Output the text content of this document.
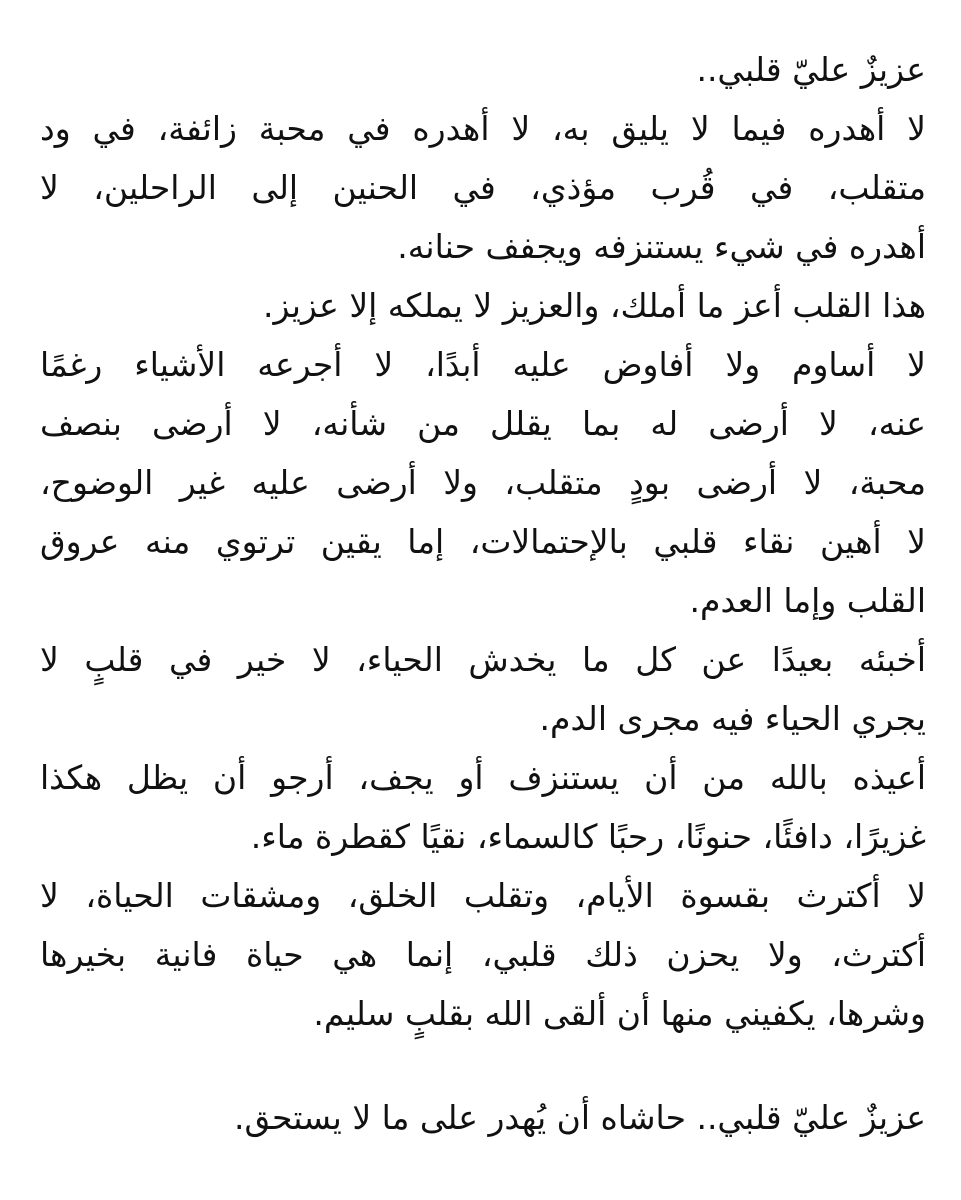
عزيزٌ عليّ قلبي..
لا أهدره فيما لا يليق به، لا أهدره في محبة زائفة، في ود
متقلب، في قُرب مؤذي، في الحنين إلى الراحلين، لا
أهدره في شيء يستنزفه ويجفف حنانه.
هذا القلب أعز ما أملك، والعزيز لا يملكه إلا عزيز.
لا أساوم ولا أفاوض عليه أبدًا، لا أجرعه الأشياء رغمًا
عنه، لا أرضى له بما يقلل من شأنه، لا أرضى بنصف
محبة، لا أرضى بودٍ متقلب، ولا أرضى عليه غير الوضوح،
لا أهين نقاء قلبي بالإحتمالات، إما يقين ترتوي منه عروق
القلب وإما العدم.
أخبئه بعيدًا عن كل ما يخدش الحياء، لا خير في قلبٍ لا
يجري الحياء فيه مجرى الدم.
أعيذه بالله من أن يستنزف أو يجف، أرجو أن يظل هكذا
غزيرًا، دافئًا، حنونًا، رحبًا كالسماء، نقيًا كقطرة ماء.
لا أكترث بقسوة الأيام، وتقلب الخلق، ومشقات الحياة، لا
أكترث، ولا يحزن ذلك قلبي، إنما هي حياة فانية بخيرها
وشرها، يكفيني منها أن ألقى الله بقلبٍ سليم.
عزيزٌ عليّ قلبي.. حاشاه أن يُهدر على ما لا يستحق.
